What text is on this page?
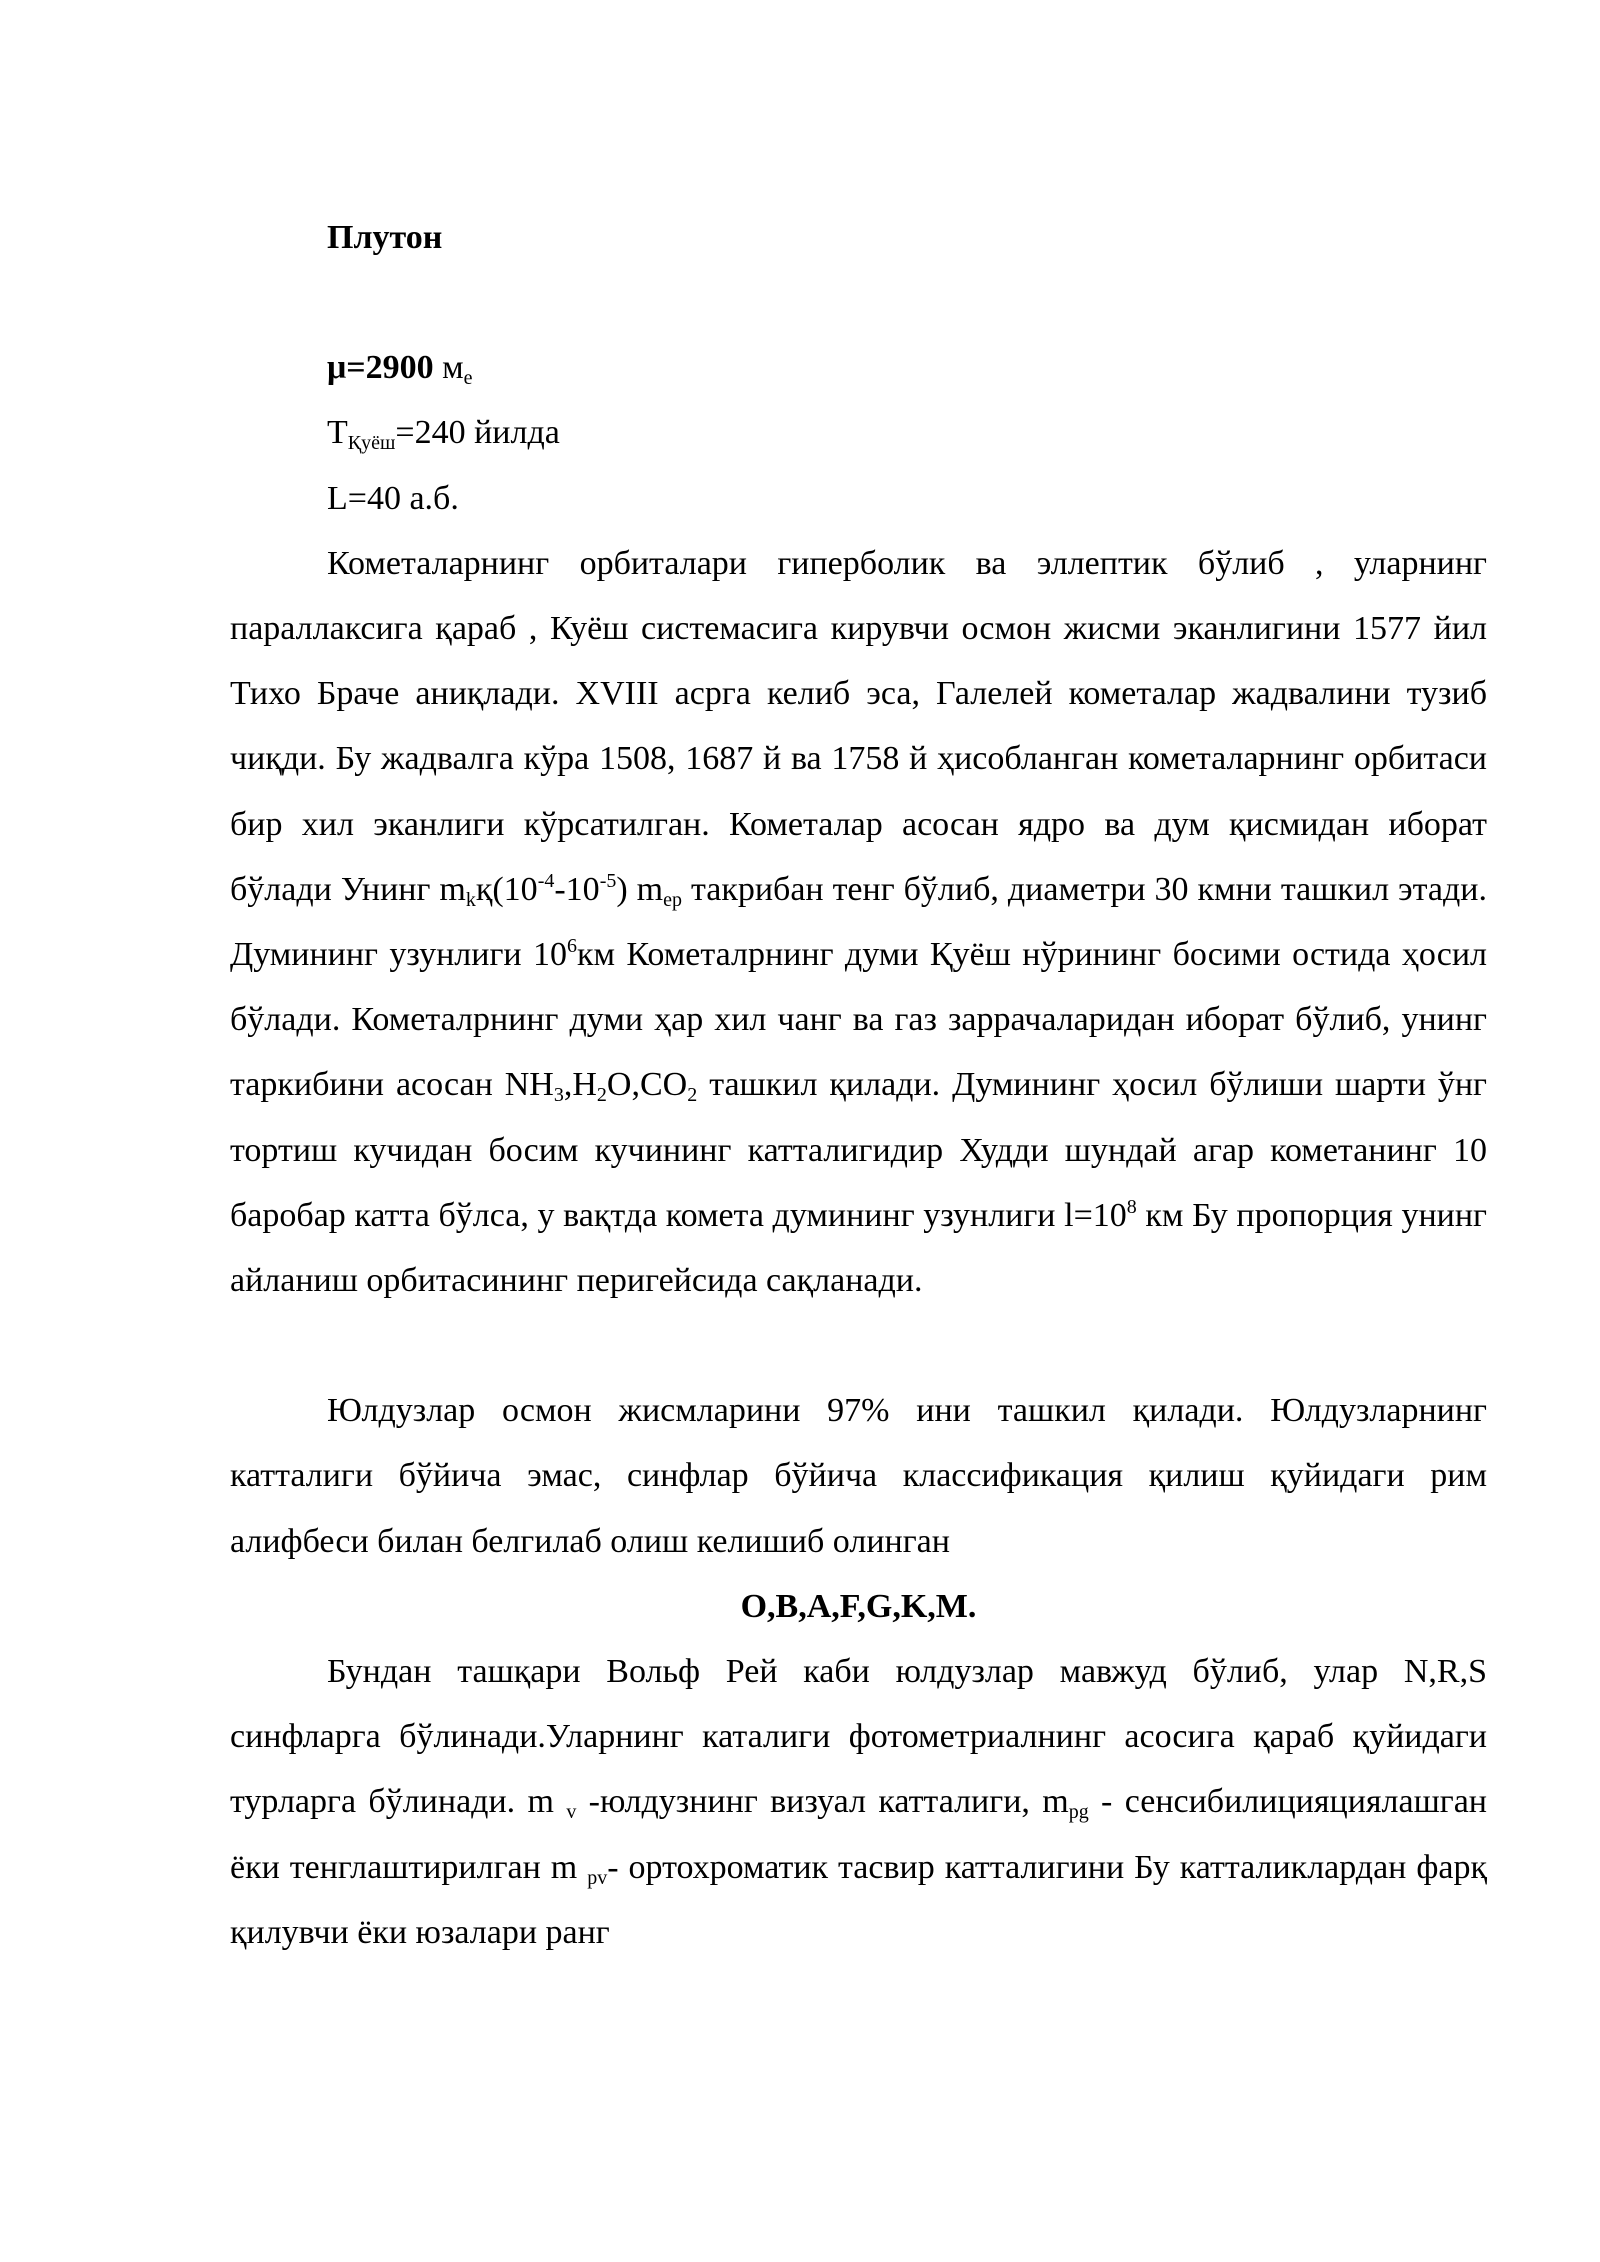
Плутон

μ=2900 $м_е$

$Т_{Қуёш}=240$ йилда

L=40 а.б.

Кометаларнинг орбиталари гиперболик ва эллептик бўлиб , уларнинг параллаксига қараб , Куёш системасига кирувчи осмон жисми эканлигини 1577 йил Тихо Браче аниқлади. XVIII асрга келиб эса, Галелей кометалар жадвалини тузиб чиқди. Бу жадвалга кўра 1508, 1687 й ва 1758 й ҳисобланган кометаларнинг орбитаси бир хил эканлиги кўрсатилган. Кометалар асосан ядро ва дум қисмидан иборат бўлади Унинг $m_kқ(10^{-4}-10^{-5})$ $m_{ep}$ такрибан тенг бўлиб, диаметри 30 кмни ташкил этади. Думининг узунлиги $10^6км$ Кометалрнинг думи Қуёш нўрининг босими остида ҳосил бўлади. Кометалрнинг думи ҳар хил чанг ва газ заррачаларидан иборат бўлиб, унинг таркибини асосан $NH_3,H_2O,CO_2$ ташкил қилади. Думининг ҳосил бўлиши шарти ўнг тортиш кучидан босим кучининг катталигидир Худди шундай агар кометанинг 10 баробар катта бўлса, у вақтда комета думининг узунлиги $l=10^8$ км Бу пропорция унинг айланиш орбитасининг перигейсида сақланади.

Юлдузлар осмон жисмларини 97% ини ташкил қилади. Юлдузларнинг катталиги бўйича эмас, синфлар бўйича классификация қилиш қуйидаги рим алифбеси билан белгилаб олиш келишиб олинган

O,B,A,F,G,K,M.

Бундан ташқари Вольф Рей каби юлдузлар мавжуд бўлиб, улар N,R,S синфларга бўлинади.Уларнинг каталиги фотометриалнинг асосига қараб қуйидаги турларга бўлинади. m $_v$ -юлдузнинг визуал катталиги, $m_{pg}$ - сенсибилицияциялашган ёки тенглаштирилган m $_{pv}$- ортохроматик тасвир катталигини Бу катталиклардан фарқ қилувчи ёки юзалари ранг
